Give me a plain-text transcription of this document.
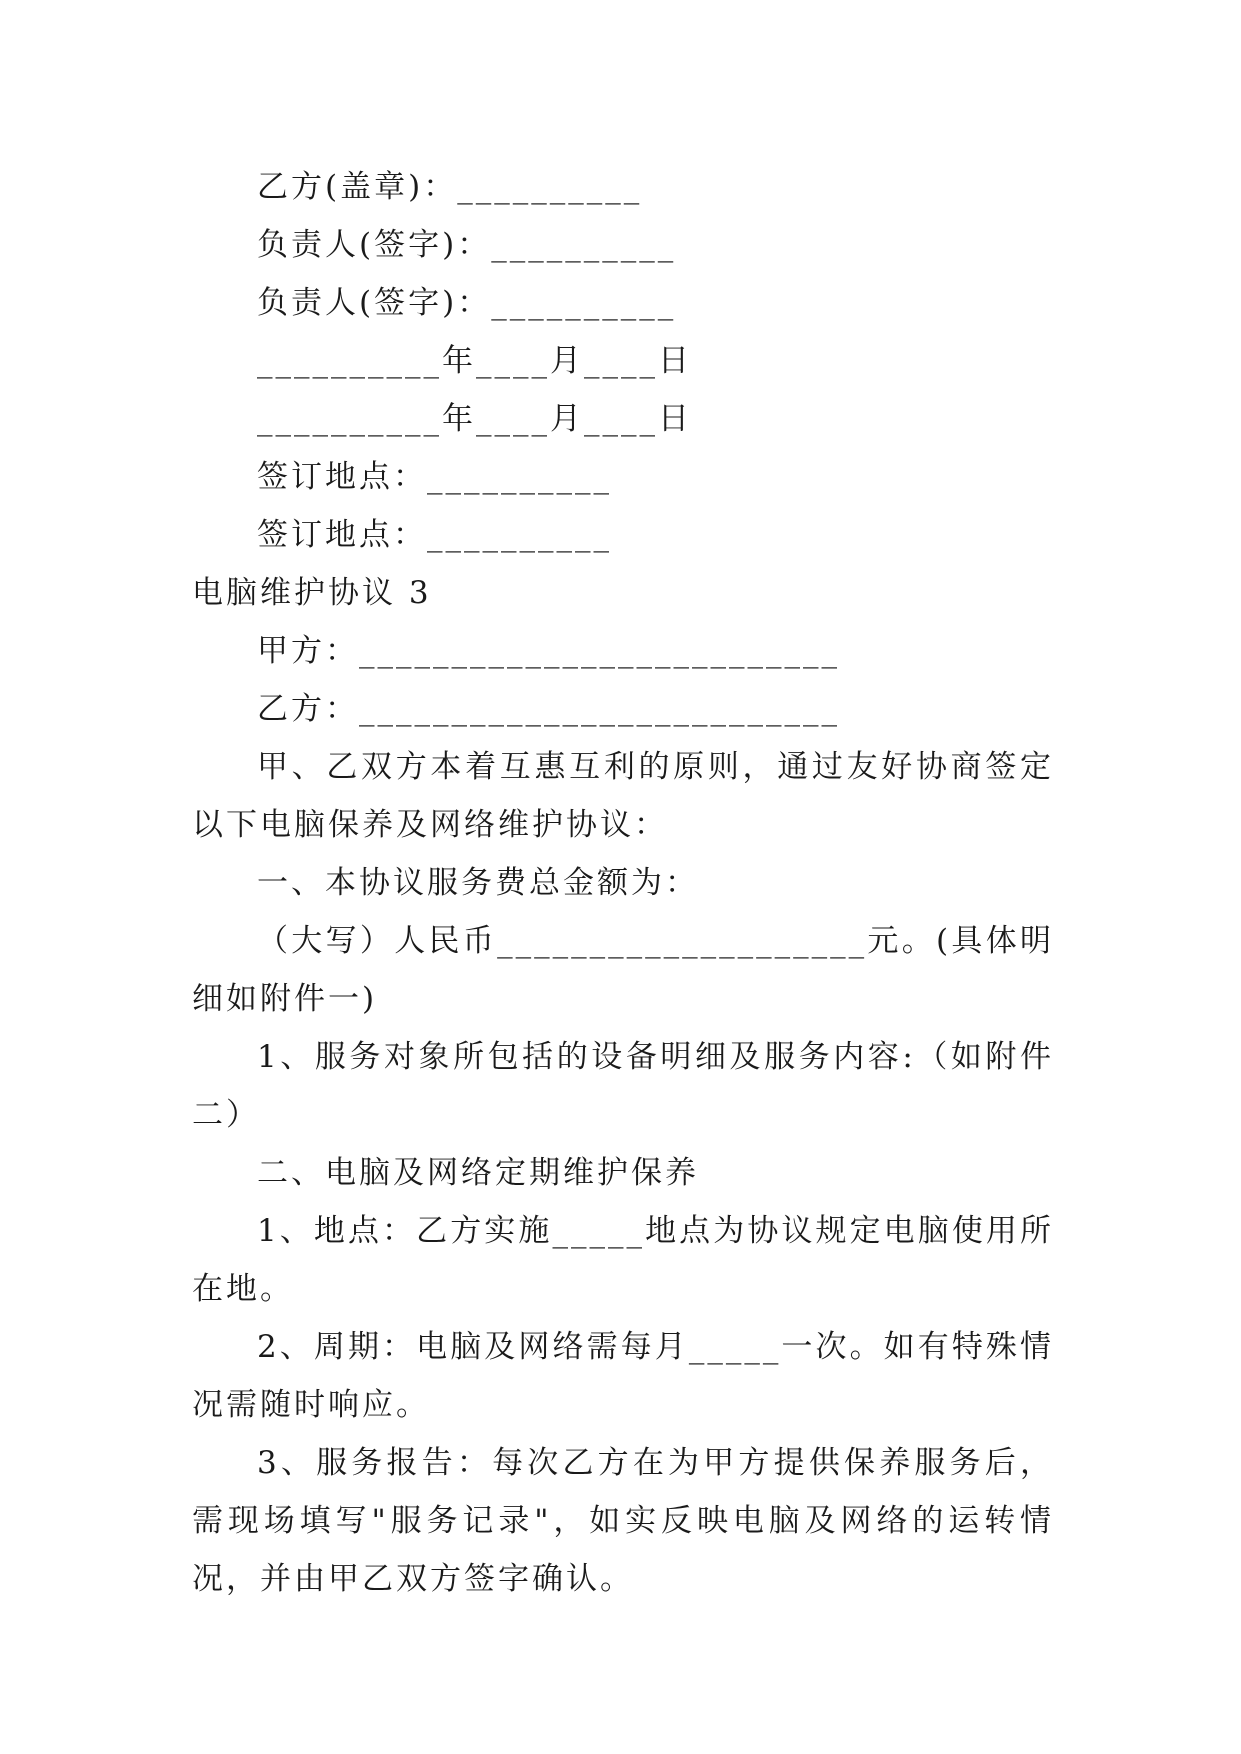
乙方(盖章)：__________

负责人(签字)：__________

负责人(签字)：__________

__________年____月____日

__________年____月____日

签订地点：__________

签订地点：__________

电脑维护协议 3

甲方：__________________________

乙方：__________________________

甲、乙双方本着互惠互利的原则，通过友好协商签定以下电脑保养及网络维护协议：

一、本协议服务费总金额为：

（大写）人民币____________________元。(具体明细如附件一)

1、服务对象所包括的设备明细及服务内容:（如附件二）

二、电脑及网络定期维护保养

1、地点：乙方实施_____地点为协议规定电脑使用所在地。

2、周期：电脑及网络需每月_____一次。如有特殊情况需随时响应。

3、服务报告：每次乙方在为甲方提供保养服务后，需现场填写"服务记录"，如实反映电脑及网络的运转情况，并由甲乙双方签字确认。
